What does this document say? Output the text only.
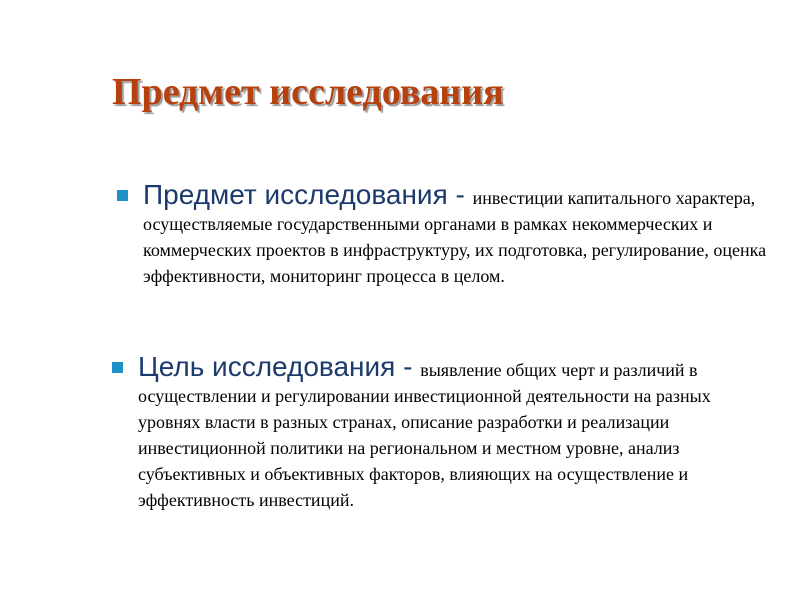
Предмет исследования
Предмет исследования - инвестиции капитального характера, осуществляемые государственными органами в рамках некоммерческих и коммерческих проектов в инфраструктуру, их подготовка, регулирование, оценка эффективности, мониторинг процесса в целом.
Цель исследования - выявление общих черт и различий в осуществлении и регулировании инвестиционной деятельности на разных уровнях власти в разных странах, описание разработки и реализации инвестиционной политики на региональном и местном уровне, анализ субъективных и объективных факторов, влияющих на осуществление и эффективность инвестиций.
